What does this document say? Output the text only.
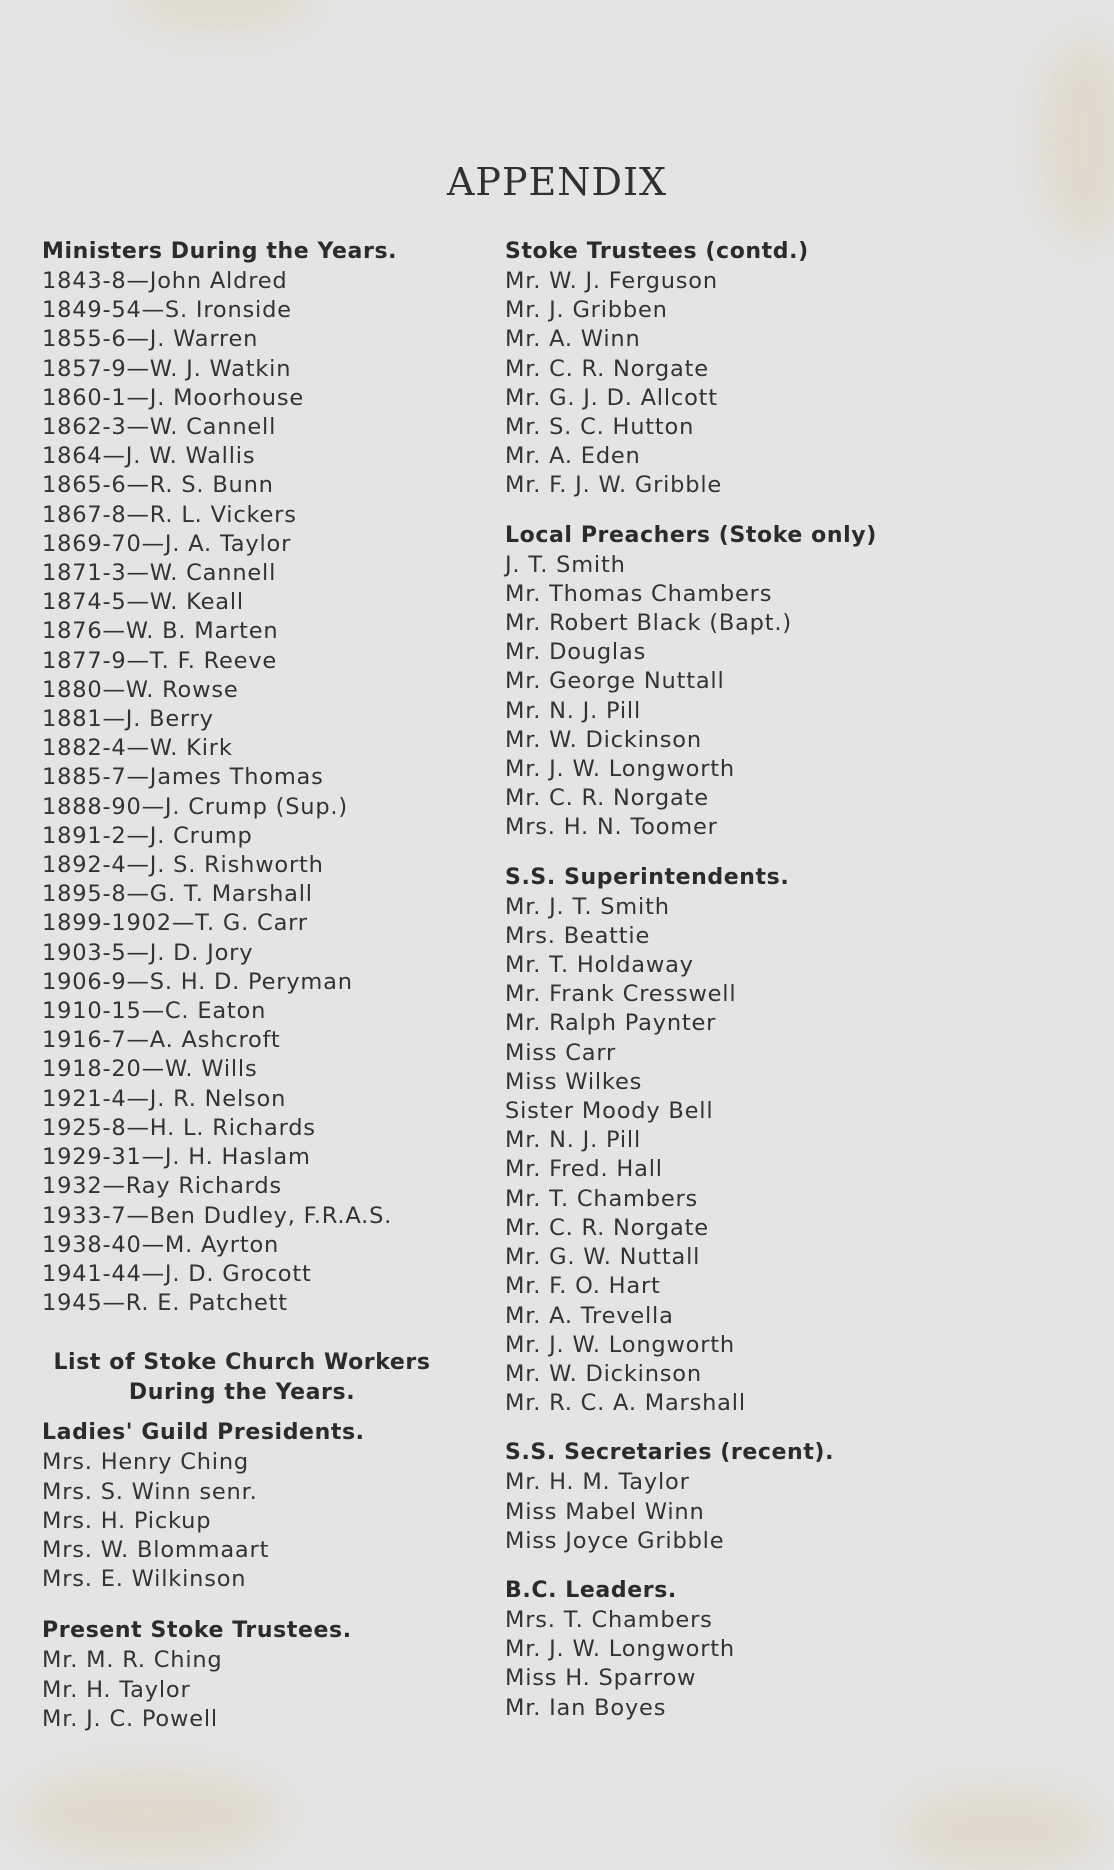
APPENDIX
Ministers During the Years.
1843-8—John Aldred
1849-54—S. Ironside
1855-6—J. Warren
1857-9—W. J. Watkin
1860-1—J. Moorhouse
1862-3—W. Cannell
1864—J. W. Wallis
1865-6—R. S. Bunn
1867-8—R. L. Vickers
1869-70—J. A. Taylor
1871-3—W. Cannell
1874-5—W. Keall
1876—W. B. Marten
1877-9—T. F. Reeve
1880—W. Rowse
1881—J. Berry
1882-4—W. Kirk
1885-7—James Thomas
1888-90—J. Crump (Sup.)
1891-2—J. Crump
1892-4—J. S. Rishworth
1895-8—G. T. Marshall
1899-1902—T. G. Carr
1903-5—J. D. Jory
1906-9—S. H. D. Peryman
1910-15—C. Eaton
1916-7—A. Ashcroft
1918-20—W. Wills
1921-4—J. R. Nelson
1925-8—H. L. Richards
1929-31—J. H. Haslam
1932—Ray Richards
1933-7—Ben Dudley, F.R.A.S.
1938-40—M. Ayrton
1941-44—J. D. Grocott
1945—R. E. Patchett
List of Stoke Church Workers
During the Years.
Ladies' Guild Presidents.
Mrs. Henry Ching
Mrs. S. Winn senr.
Mrs. H. Pickup
Mrs. W. Blommaart
Mrs. E. Wilkinson
Present Stoke Trustees.
Mr. M. R. Ching
Mr. H. Taylor
Mr. J. C. Powell
Stoke Trustees (contd.)
Mr. W. J. Ferguson
Mr. J. Gribben
Mr. A. Winn
Mr. C. R. Norgate
Mr. G. J. D. Allcott
Mr. S. C. Hutton
Mr. A. Eden
Mr. F. J. W. Gribble
Local Preachers (Stoke only)
J. T. Smith
Mr. Thomas Chambers
Mr. Robert Black (Bapt.)
Mr. Douglas
Mr. George Nuttall
Mr. N. J. Pill
Mr. W. Dickinson
Mr. J. W. Longworth
Mr. C. R. Norgate
Mrs. H. N. Toomer
S.S. Superintendents.
Mr. J. T. Smith
Mrs. Beattie
Mr. T. Holdaway
Mr. Frank Cresswell
Mr. Ralph Paynter
Miss Carr
Miss Wilkes
Sister Moody Bell
Mr. N. J. Pill
Mr. Fred. Hall
Mr. T. Chambers
Mr. C. R. Norgate
Mr. G. W. Nuttall
Mr. F. O. Hart
Mr. A. Trevella
Mr. J. W. Longworth
Mr. W. Dickinson
Mr. R. C. A. Marshall
S.S. Secretaries (recent).
Mr. H. M. Taylor
Miss Mabel Winn
Miss Joyce Gribble
B.C. Leaders.
Mrs. T. Chambers
Mr. J. W. Longworth
Miss H. Sparrow
Mr. Ian Boyes
